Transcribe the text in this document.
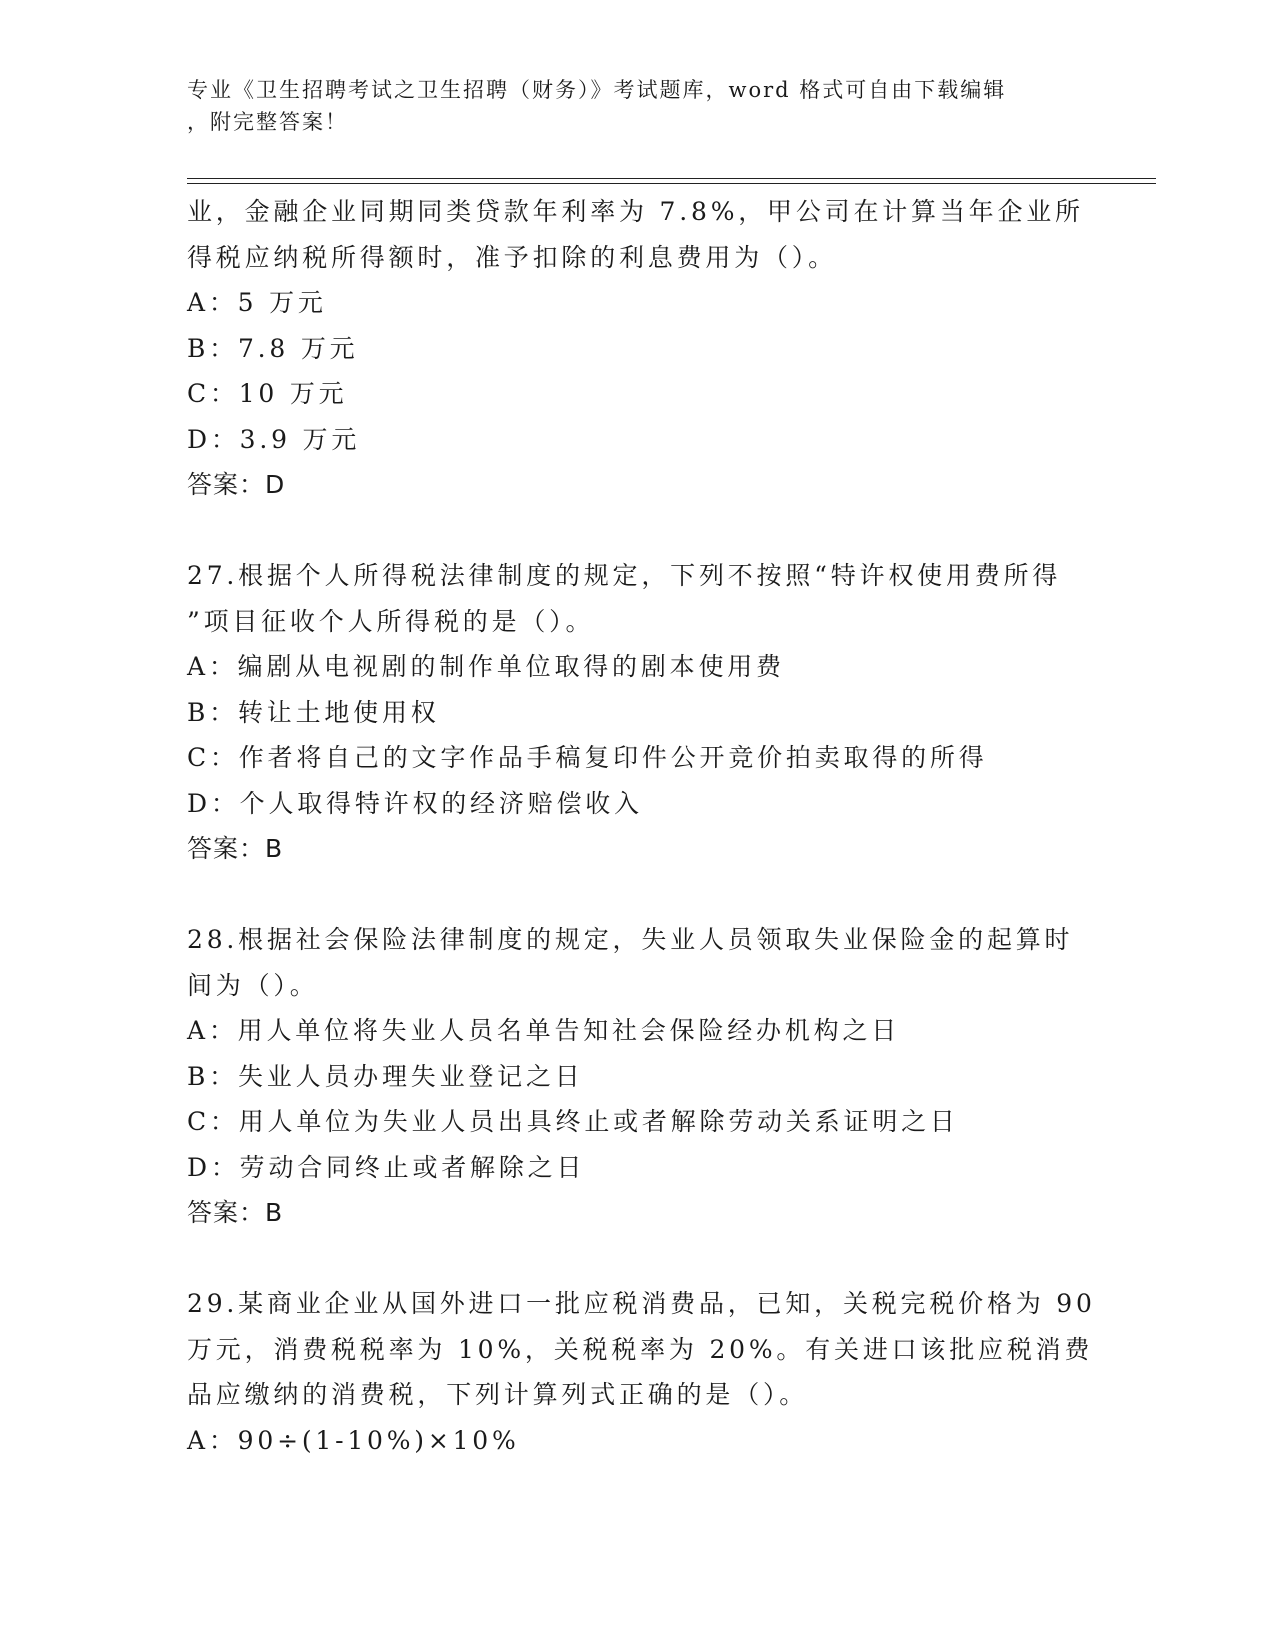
专业《卫生招聘考试之卫生招聘（财务）》考试题库，word 格式可自由下载编辑
，附完整答案！
业，金融企业同期同类贷款年利率为 7.8%，甲公司在计算当年企业所
得税应纳税所得额时，准予扣除的利息费用为（）。
A：5 万元
B：7.8 万元
C：10 万元
D：3.9 万元
答案：D
27.根据个人所得税法律制度的规定，下列不按照“特许权使用费所得
”项目征收个人所得税的是（）。
A：编剧从电视剧的制作单位取得的剧本使用费
B：转让土地使用权
C：作者将自己的文字作品手稿复印件公开竞价拍卖取得的所得
D：个人取得特许权的经济赔偿收入
答案：B
28.根据社会保险法律制度的规定，失业人员领取失业保险金的起算时
间为（）。
A：用人单位将失业人员名单告知社会保险经办机构之日
B：失业人员办理失业登记之日
C：用人单位为失业人员出具终止或者解除劳动关系证明之日
D：劳动合同终止或者解除之日
答案：B
29.某商业企业从国外进口一批应税消费品，已知，关税完税价格为 90
万元，消费税税率为 10%，关税税率为 20%。有关进口该批应税消费
品应缴纳的消费税，下列计算列式正确的是（）。
A：90÷(1-10%)×10%
